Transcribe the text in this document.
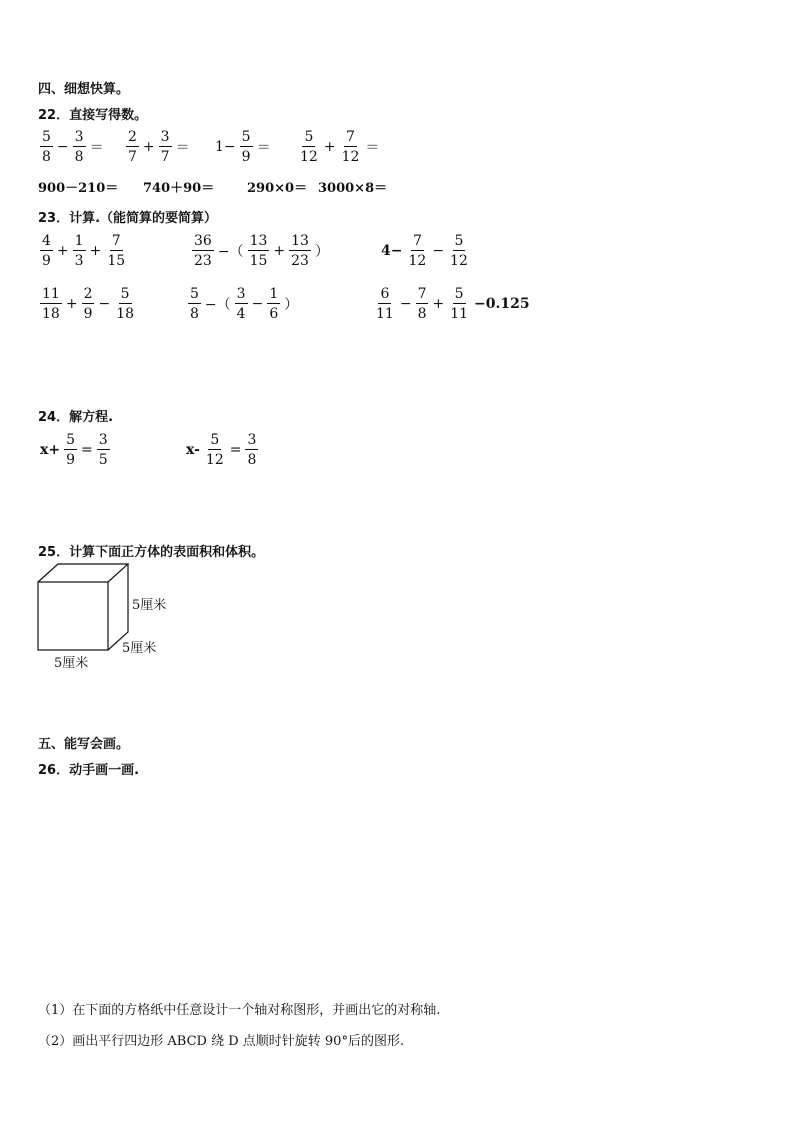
四、细想快算。
22．直接写得数。
$\frac{5}{8} - \frac{3}{8} = \frac{2}{7} + \frac{3}{7} = 1- \frac{5}{9} = \frac{5}{12} + \frac{7}{12}$ ＝
900－210＝ 740＋90＝	290×0＝ 3000×8＝
23．计算.（能简算的要简算）
$\frac{4}{9} + \frac{1}{3} + \frac{7}{15}$	$\frac{36}{23}$ −（ $\frac{13}{15} + \frac{13}{23}$ ）	$4- \frac{7}{12} - \frac{5}{12}$
$\frac{11}{18} + \frac{2}{9} - \frac{5}{18}$	$\frac{5}{8}$ −（ $\frac{3}{4} - \frac{1}{6}$ ）	$\frac{6}{11} - \frac{7}{8} + \frac{5}{11} -0.125$
24．解方程.
$x+ \frac{5}{9} = \frac{3}{5}$	$x- \frac{5}{12} = \frac{3}{8}$
25．计算下面正方体的表面积和体积。
5厘米
5厘米
5厘米
五、能写会画。
26．动手画一画.
（1）在下面的方格纸中任意设计一个轴对称图形，并画出它的对称轴.
（2）画出平行四边形 ABCD 绕 D 点顺时针旋转 90°后的图形.
